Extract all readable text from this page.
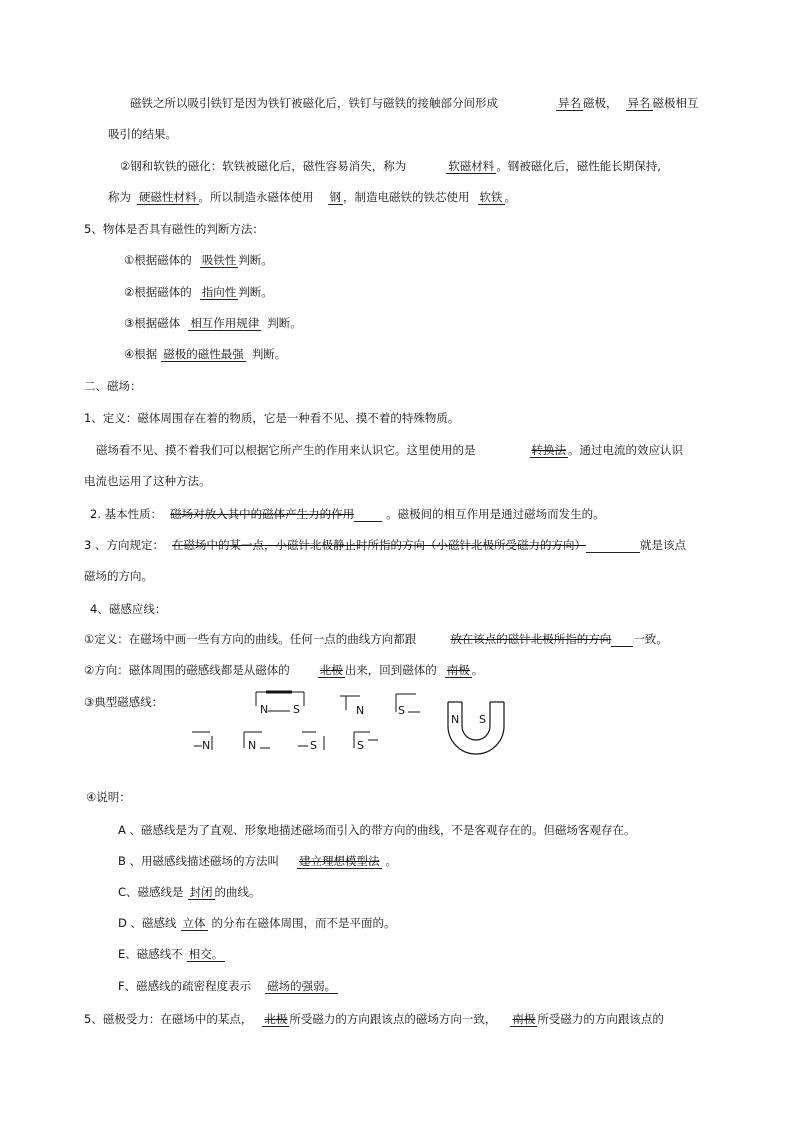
磁铁之所以吸引铁钉是因为铁钉被磁化后，铁钉与磁铁的接触部分间形成	异名 磁极， 异名 磁极相互
吸引的结果。
②钢和软铁的磁化：软铁被磁化后，磁性容易消失，称为	软磁材料 。钢被磁化后，磁性能长期保持,
称为 硬磁性材料 。所以制造永磁体使用 钢 ，制造电磁铁的铁芯使用 软铁 。
5、物体是否具有磁性的判断方法：
①根据磁体的 吸铁性 判断。
②根据磁体的 指向性 判断。
③根据磁体 相互作用规律 判断。
④根据 磁极的磁性最强 判断。
二、磁场：
1、定义：磁体周围存在着的物质，它是一种看不见、摸不着的特殊物质。
磁场看不见、摸不着我们可以根据它所产生的作用来认识它。这里使用的是	转换法 。通过电流的效应认识
电流也运用了这种方法。
2. 基本性质： 磁场对放入其中的磁体产生力的作用	。磁极间的相互作用是通过磁场而发生的。
3 、方向规定： 在磁场中的某一点，小磁针北极静止时所指的方向（小磁针北极所受磁力的方向）	就是该点
磁场的方向。
4、磁感应线：
①定义：在磁场中画一些有方向的曲线。任何一点的曲线方向都跟	放在该点的磁针北极所指的方向 一致。
②方向：磁体周围的磁感线都是从磁体的	北极 出来，回到磁体的 南极 。
③典型磁感线：
N S	N	S
N S
N	N	S	S
④说明：
A 、磁感线是为了直观、形象地描述磁场而引入的带方向的曲线，不是客观存在的。但磁场客观存在。
B 、用磁感线描述磁场的方法叫 建立理想模型法 。
C、磁感线是 封闭 的曲线。
D 、磁感线 立体 的分布在磁体周围，而不是平面的。
E、磁感线不 相交。
F、磁感线的疏密程度表示 磁场的强弱。
5、磁极受力：在磁场中的某点， 北极 所受磁力的方向跟该点的磁场方向一致， 南极 所受磁力的方向跟该点的
